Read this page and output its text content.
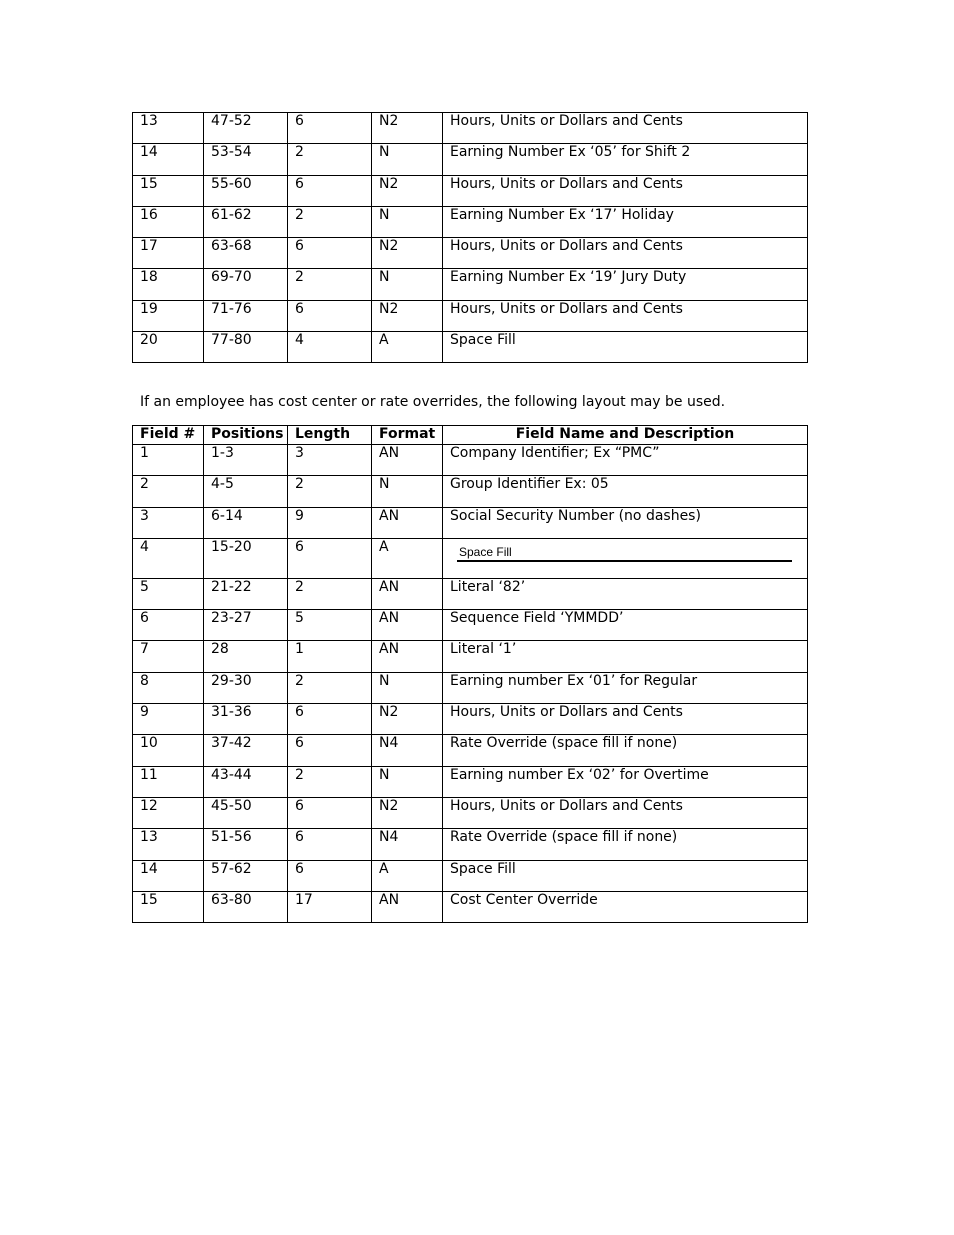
13	47-52	6	N2	Hours, Units or Dollars and Cents
14	53-54	2	N	Earning Number Ex ‘05’ for Shift 2
15	55-60	6	N2	Hours, Units or Dollars and Cents
16	61-62	2	N	Earning Number Ex ‘17’ Holiday
17	63-68	6	N2	Hours, Units or Dollars and Cents
18	69-70	2	N	Earning Number Ex ‘19’ Jury Duty
19	71-76	6	N2	Hours, Units or Dollars and Cents
20	77-80	4	A	Space Fill
If an employee has cost center or rate overrides, the following layout may be used.
Field #	Positions	Length	Format	Field Name and Description
1	1-3	3	AN	Company Identifier; Ex “PMC”
2	4-5	2	N	Group Identifier Ex: 05
3	6-14	9	AN	Social Security Number (no dashes)
4	15-20	6	A	Space Fill

5	21-22	2	AN	Literal ‘82’
6	23-27	5	AN	Sequence Field ‘YMMDD’
7	28	1	AN	Literal ‘1’
8	29-30	2	N	Earning number Ex ‘01’ for Regular
9	31-36	6	N2	Hours, Units or Dollars and Cents
10	37-42	6	N4	Rate Override (space fill if none)
11	43-44	2	N	Earning number Ex ‘02’ for Overtime
12	45-50	6	N2	Hours, Units or Dollars and Cents
13	51-56	6	N4	Rate Override (space fill if none)
14	57-62	6	A	Space Fill
15	63-80	17	AN	Cost Center Override
